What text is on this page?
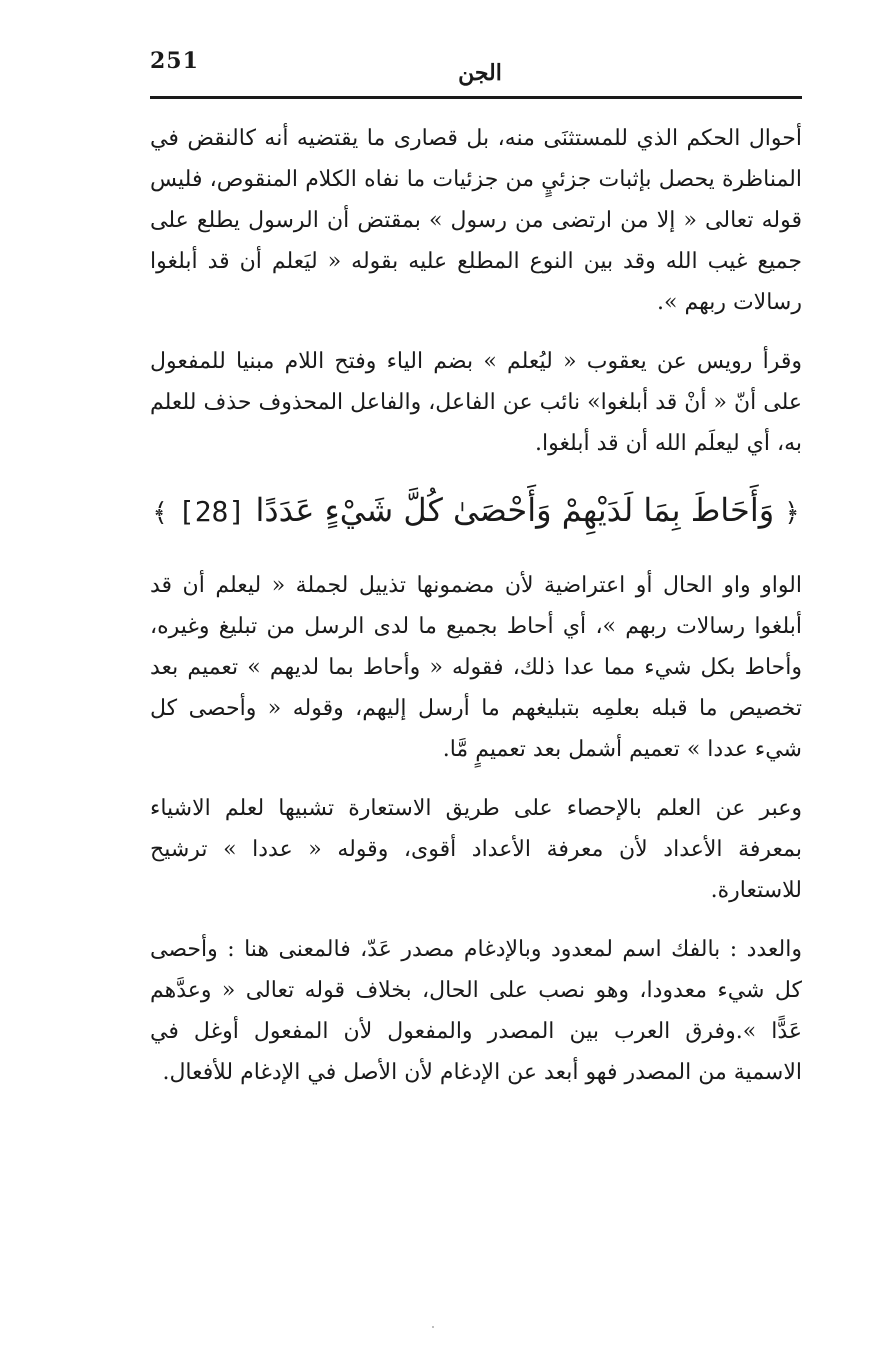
251	الجن

أحوال الحكم الذي للمستثنَى منه، بل قصارى ما يقتضيه أنه كالنقض في المناظرة يحصل بإثبات جزئيٍ من جزئيات ما نفاه الكلام المنقوص، فليس قوله تعالى « إلا من ارتضى من رسول » بمقتض أن الرسول يطلع على جميع غيب الله وقد بين النوع المطلع عليه بقوله « ليَعلم أن قد أبلغوا رسالات ربهم ».

وقرأ رويس عن يعقوب « ليُعلم » بضم الياء وفتح اللام مبنيا للمفعول على أنّ « أنْ قد أبلغوا» نائب عن الفاعل، والفاعل المحذوف حذف للعلم به، أي ليعلَم الله أن قد أبلغوا.

﴿ وَأَحَاطَ بِمَا لَدَيْهِمْ وَأَحْصَىٰ كُلَّ شَيْءٍ عَدَدًا [28] ﴾

الواو واو الحال أو اعتراضية لأن مضمونها تذييل لجملة « ليعلم أن قد أبلغوا رسالات ربهم »، أي أحاط بجميع ما لدى الرسل من تبليغ وغيره، وأحاط بكل شيء مما عدا ذلك، فقوله « وأحاط بما لديهم » تعميم بعد تخصيص ما قبله بعلمِه بتبليغهم ما أرسل إليهم، وقوله « وأحصى كل شيء عددا » تعميم أشمل بعد تعميمٍ مَّا.

وعبر عن العلم بالإحصاء على طريق الاستعارة تشبيها لعلم الاشياء بمعرفة الأعداد لأن معرفة الأعداد أقوى، وقوله « عددا » ترشيح للاستعارة.

والعدد : بالفك اسم لمعدود وبالإدغام مصدر عَدّ، فالمعنى هنا : وأحصى كل شيء معدودا، وهو نصب على الحال، بخلاف قوله تعالى « وعدَّهم عَدًّا ».وفرق العرب بين المصدر والمفعول لأن المفعول أوغل في الاسمية من المصدر فهو أبعد عن الإدغام لأن الأصل في الإدغام للأفعال.
